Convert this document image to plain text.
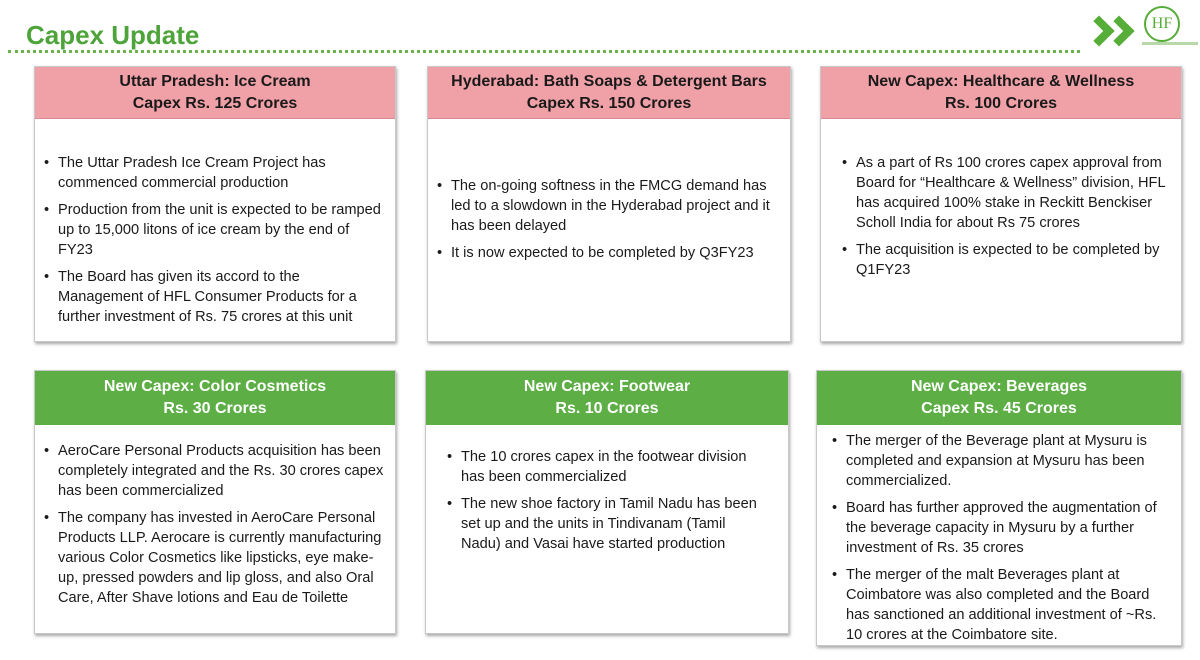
Capex Update	HF
Uttar Pradesh: Ice Cream
Capex Rs. 125 Crores
• The Uttar Pradesh Ice Cream Project has commenced commercial production
• Production from the unit is expected to be ramped up to 15,000 litons of ice cream by the end of FY23
• The Board has given its accord to the Management of HFL Consumer Products for a further investment of Rs. 75 crores at this unit
Hyderabad: Bath Soaps & Detergent Bars
Capex Rs. 150 Crores
• The on-going softness in the FMCG demand has led to a slowdown in the Hyderabad project and it has been delayed
• It is now expected to be completed by Q3FY23
New Capex: Healthcare & Wellness
Rs. 100 Crores
• As a part of Rs 100 crores capex approval from Board for “Healthcare & Wellness” division, HFL has acquired 100% stake in Reckitt Benckiser Scholl India for about Rs 75 crores
• The acquisition is expected to be completed by Q1FY23
New Capex: Color Cosmetics
Rs. 30 Crores
• AeroCare Personal Products acquisition has been completely integrated and the Rs. 30 crores capex has been commercialized
• The company has invested in AeroCare Personal Products LLP. Aerocare is currently manufacturing various Color Cosmetics like lipsticks, eye make-up, pressed powders and lip gloss, and also Oral Care, After Shave lotions and Eau de Toilette
New Capex: Footwear
Rs. 10 Crores
• The 10 crores capex in the footwear division has been commercialized
• The new shoe factory in Tamil Nadu has been set up and the units in Tindivanam (Tamil Nadu) and Vasai have started production
New Capex: Beverages
Capex Rs. 45 Crores
• The merger of the Beverage plant at Mysuru is completed and expansion at Mysuru has been commercialized.
• Board has further approved the augmentation of the beverage capacity in Mysuru by a further investment of Rs. 35 crores
• The merger of the malt Beverages plant at Coimbatore was also completed and the Board has sanctioned an additional investment of ~Rs. 10 crores at the Coimbatore site.
